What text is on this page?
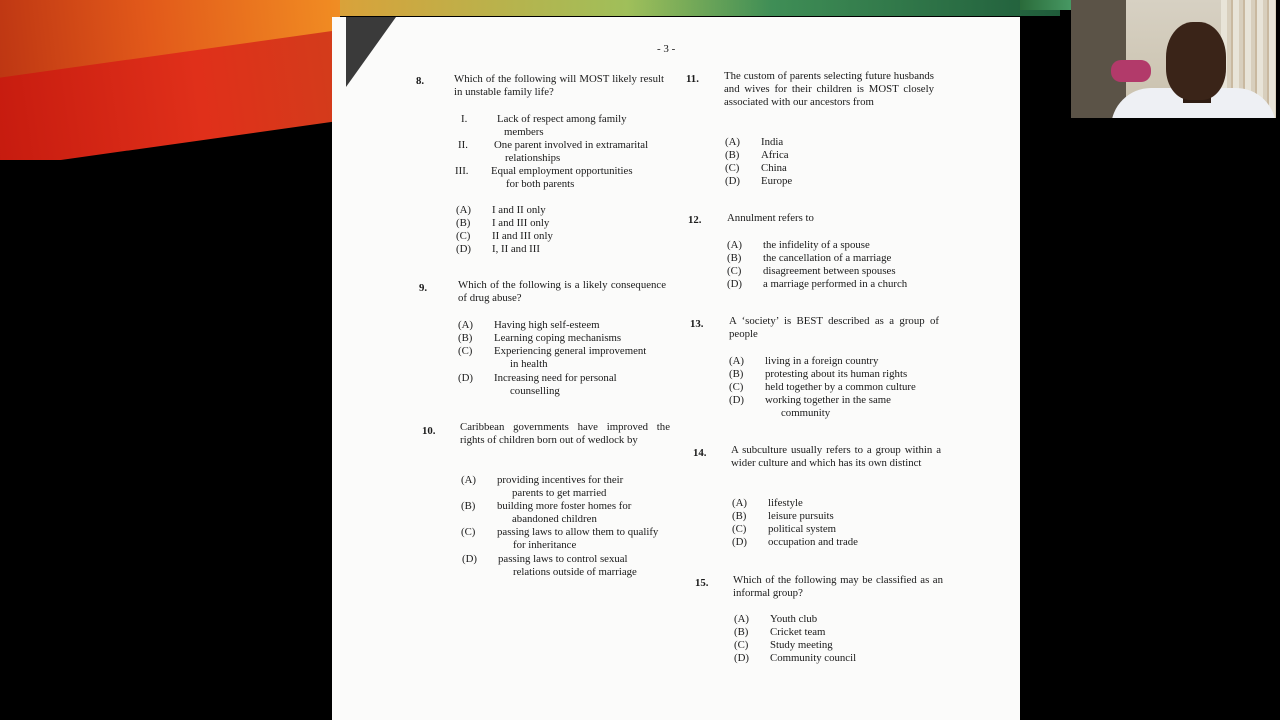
- 3 -
8.	Which of the following will MOST likely result in unstable family life?
I.	Lack of respect among family
members
II. One parent involved in extramarital
relationships
III. Equal employment opportunities
for both parents
(A) I and II only
(B) I and III only
(C) II and III only
(D) I, II and III
9.	Which of the following is a likely consequence of drug abuse?
(A) Having high self-esteem
(B) Learning coping mechanisms
(C) Experiencing general improvement
in health
(D) Increasing need for personal
counselling
10. Caribbean governments have improved the rights of children born out of wedlock by
(A) providing incentives for their
parents to get married
(B) building more foster homes for
abandoned children
(C) passing laws to allow them to qualify
for inheritance
(D) passing laws to control sexual
relations outside of marriage
11. The custom of parents selecting future husbands and wives for their children is MOST closely associated with our ancestors from
(A) India
(B) Africa
(C) China
(D) Europe
12. Annulment refers to
(A) the infidelity of a spouse
(B) the cancellation of a marriage
(C) disagreement between spouses
(D) a marriage performed in a church
13. A ‘society’ is BEST described as a group of people
(A) living in a foreign country
(B) protesting about its human rights
(C) held together by a common culture
(D) working together in the same
community
14. A subculture usually refers to a group within a wider culture and which has its own distinct
(A) lifestyle
(B) leisure pursuits
(C) political system
(D) occupation and trade
15. Which of the following may be classified as an informal group?
(A) Youth club
(B) Cricket team
(C) Study meeting
(D) Community council
